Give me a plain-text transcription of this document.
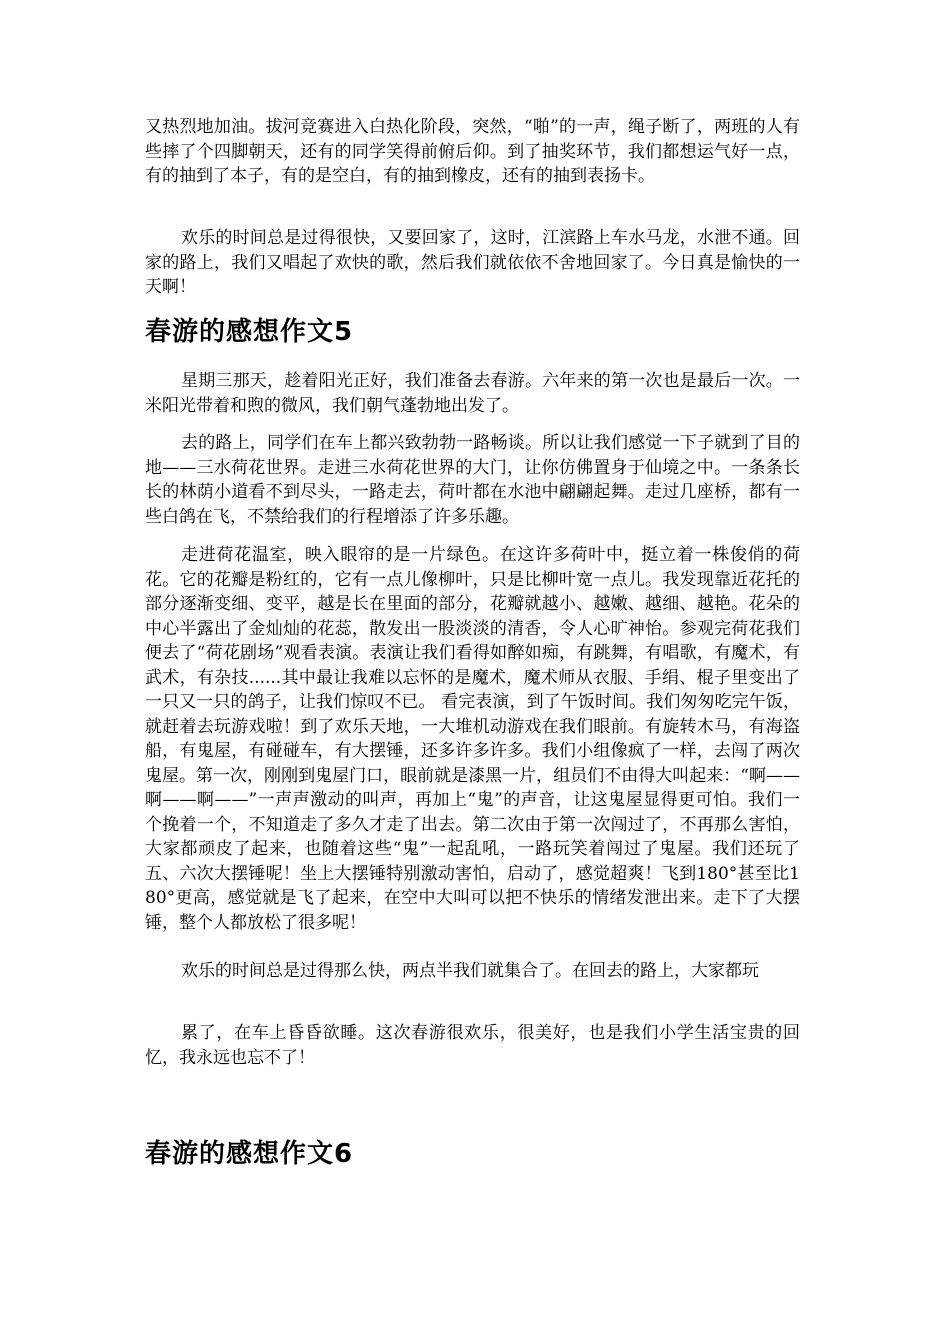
又热烈地加油。拔河竞赛进入白热化阶段，突然，“啪”的一声，绳子断了，两班的人有些摔了个四脚朝天，还有的同学笑得前俯后仰。到了抽奖环节，我们都想运气好一点，有的抽到了本子，有的是空白，有的抽到橡皮，还有的抽到表扬卡。

欢乐的时间总是过得很快，又要回家了，这时，江滨路上车水马龙，水泄不通。回家的路上，我们又唱起了欢快的歌，然后我们就依依不舍地回家了。今日真是愉快的一天啊！

春游的感想作文5

星期三那天，趁着阳光正好，我们准备去春游。六年来的第一次也是最后一次。一米阳光带着和煦的微风，我们朝气蓬勃地出发了。

去的路上，同学们在车上都兴致勃勃一路畅谈。所以让我们感觉一下子就到了目的地——三水荷花世界。走进三水荷花世界的大门，让你仿佛置身于仙境之中。一条条长长的林荫小道看不到尽头，一路走去，荷叶都在水池中翩翩起舞。走过几座桥，都有一些白鸽在飞，不禁给我们的行程增添了许多乐趣。

走进荷花温室，映入眼帘的是一片绿色。在这许多荷叶中，挺立着一株俊俏的荷花。它的花瓣是粉红的，它有一点儿像柳叶，只是比柳叶宽一点儿。我发现靠近花托的部分逐渐变细、变平，越是长在里面的部分，花瓣就越小、越嫩、越细、越艳。花朵的中心半露出了金灿灿的花蕊，散发出一股淡淡的清香，令人心旷神怡。参观完荷花我们便去了“荷花剧场”观看表演。表演让我们看得如醉如痴，有跳舞，有唱歌，有魔术，有武术，有杂技......其中最让我难以忘怀的是魔术，魔术师从衣服、手绢、棍子里变出了一只又一只的鸽子，让我们惊叹不已。 看完表演，到了午饭时间。我们匆匆吃完午饭，就赶着去玩游戏啦！到了欢乐天地，一大堆机动游戏在我们眼前。有旋转木马，有海盗船，有鬼屋，有碰碰车，有大摆锤，还多许多许多。我们小组像疯了一样，去闯了两次鬼屋。第一次，刚刚到鬼屋门口，眼前就是漆黑一片，组员们不由得大叫起来：“啊——啊——啊——”一声声激动的叫声，再加上“鬼”的声音，让这鬼屋显得更可怕。我们一个挽着一个，不知道走了多久才走了出去。第二次由于第一次闯过了，不再那么害怕，大家都顽皮了起来，也随着这些“鬼”一起乱吼，一路玩笑着闯过了鬼屋。我们还玩了五、六次大摆锤呢！坐上大摆锤特别激动害怕，启动了，感觉超爽！飞到180°甚至比180°更高，感觉就是飞了起来，在空中大叫可以把不快乐的情绪发泄出来。走下了大摆锤，整个人都放松了很多呢！

欢乐的时间总是过得那么快，两点半我们就集合了。在回去的路上，大家都玩

累了，在车上昏昏欲睡。这次春游很欢乐，很美好，也是我们小学生活宝贵的回忆，我永远也忘不了！

春游的感想作文6
